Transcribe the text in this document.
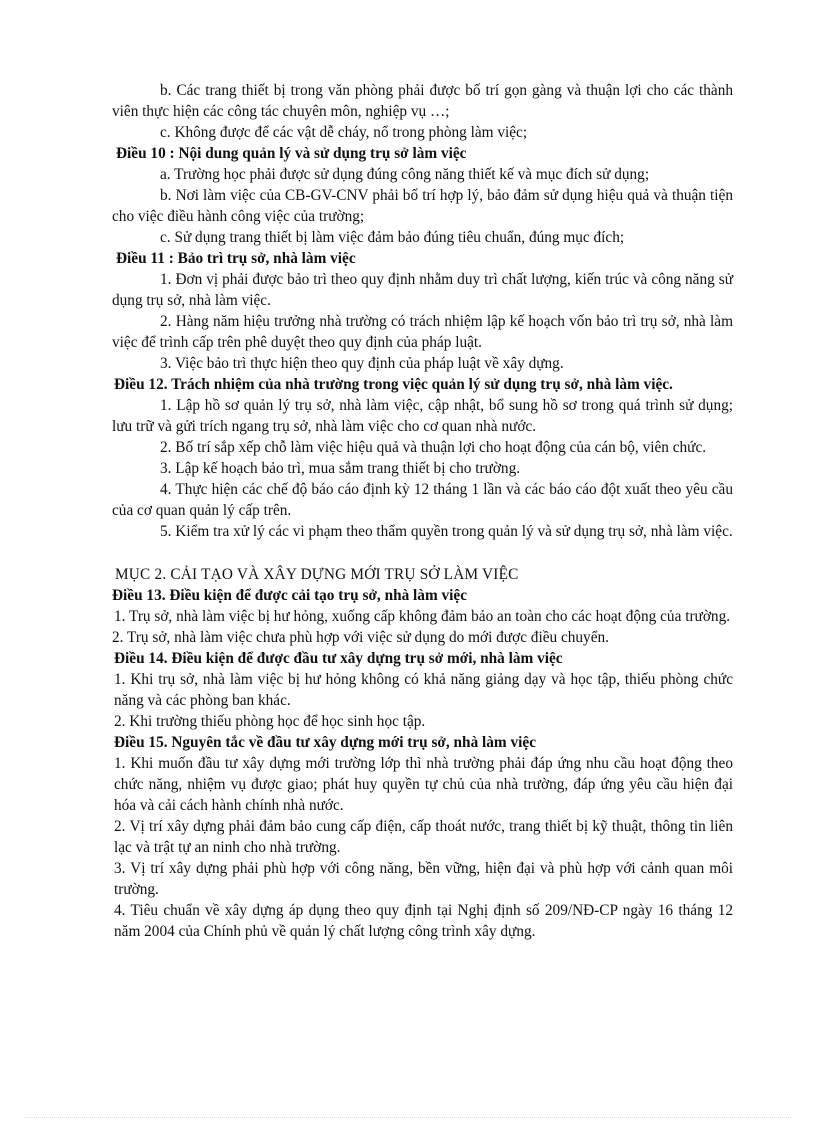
b. Các trang thiết bị trong văn phòng phải được bố trí gọn gàng và thuận lợi cho các thành viên thực hiện các công tác chuyên môn, nghiệp vụ …;

c. Không được để các vật dễ cháy, nổ trong phòng làm việc;

Điều 10 : Nội dung quản lý và sử dụng trụ sở làm việc

a. Trường học phải được sử dụng đúng công năng thiết kế và mục đích sử dụng;

b. Nơi làm việc của CB-GV-CNV phải bố trí hợp lý, bảo đảm sử dụng hiệu quả và thuận tiện cho việc điều hành công việc của trường;

c. Sử dụng trang thiết bị làm việc đảm bảo đúng tiêu chuẩn, đúng mục đích;

Điều 11 : Bảo trì trụ sở, nhà làm việc

1. Đơn vị phải được bảo trì theo quy định nhằm duy trì chất lượng, kiến trúc và công năng sử dụng trụ sở, nhà làm việc.

2. Hàng năm hiệu trưởng nhà trường có trách nhiệm lập kế hoạch vốn bảo trì trụ sở, nhà làm việc để trình cấp trên phê duyệt theo quy định của pháp luật.

3. Việc bảo trì thực hiện theo quy định của pháp luật về xây dựng.

Điều 12. Trách nhiệm của nhà trường trong việc quản lý sử dụng trụ sở, nhà làm việc.

1. Lập hồ sơ quản lý trụ sở, nhà làm việc, cập nhật, bổ sung hồ sơ trong quá trình sử dụng; lưu trữ và gửi trích ngang trụ sở, nhà làm việc cho cơ quan nhà nước.

2. Bố trí sắp xếp chỗ làm việc hiệu quả và thuận lợi cho hoạt động của cán bộ, viên chức.

3. Lập kế hoạch bảo trì, mua sắm trang thiết bị cho trường.

4. Thực hiện các chế độ báo cáo định kỳ 12 tháng 1 lần và các báo cáo đột xuất theo yêu cầu của cơ quan quản lý cấp trên.

5. Kiểm tra xử lý các vi phạm theo thẩm quyền trong quản lý và sử dụng trụ sở, nhà làm việc.

MỤC 2. CẢI TẠO VÀ XÂY DỰNG MỚI TRỤ SỞ LÀM VIỆC

Điều 13. Điều kiện để được cải tạo trụ sở, nhà làm việc

1. Trụ sở, nhà làm việc bị hư hỏng, xuống cấp không đảm bảo an toàn cho các hoạt động của trường.

2. Trụ sở, nhà làm việc chưa phù hợp với việc sử dụng do mới được điều chuyển.

Điều 14. Điều kiện để được đầu tư xây dựng trụ sở mới, nhà làm việc

1. Khi trụ sở, nhà làm việc bị hư hỏng không có khả năng giảng dạy và học tập, thiếu phòng chức năng và các phòng ban khác.

2. Khi trường thiếu phòng học để học sinh học tập.

Điều 15. Nguyên tắc về đầu tư xây dựng mới trụ sở, nhà làm việc

1. Khi muốn đầu tư xây dựng mới trường lớp thì nhà trường phải đáp ứng nhu cầu hoạt động theo chức năng, nhiệm vụ được giao; phát huy quyền tự chủ của nhà trường, đáp ứng yêu cầu hiện đại hóa và cải cách hành chính nhà nước.

2. Vị trí xây dựng phải đảm bảo cung cấp điện, cấp thoát nước, trang thiết bị kỹ thuật, thông tin liên lạc và trật tự an ninh cho nhà trường.

3. Vị trí xây dựng phải phù hợp với công năng, bền vững, hiện đại và phù hợp với cảnh quan môi trường.

4. Tiêu chuẩn về xây dựng áp dụng theo quy định tại Nghị định số 209/NĐ-CP ngày 16 tháng 12 năm 2004 của Chính phủ về quản lý chất lượng công trình xây dựng.
